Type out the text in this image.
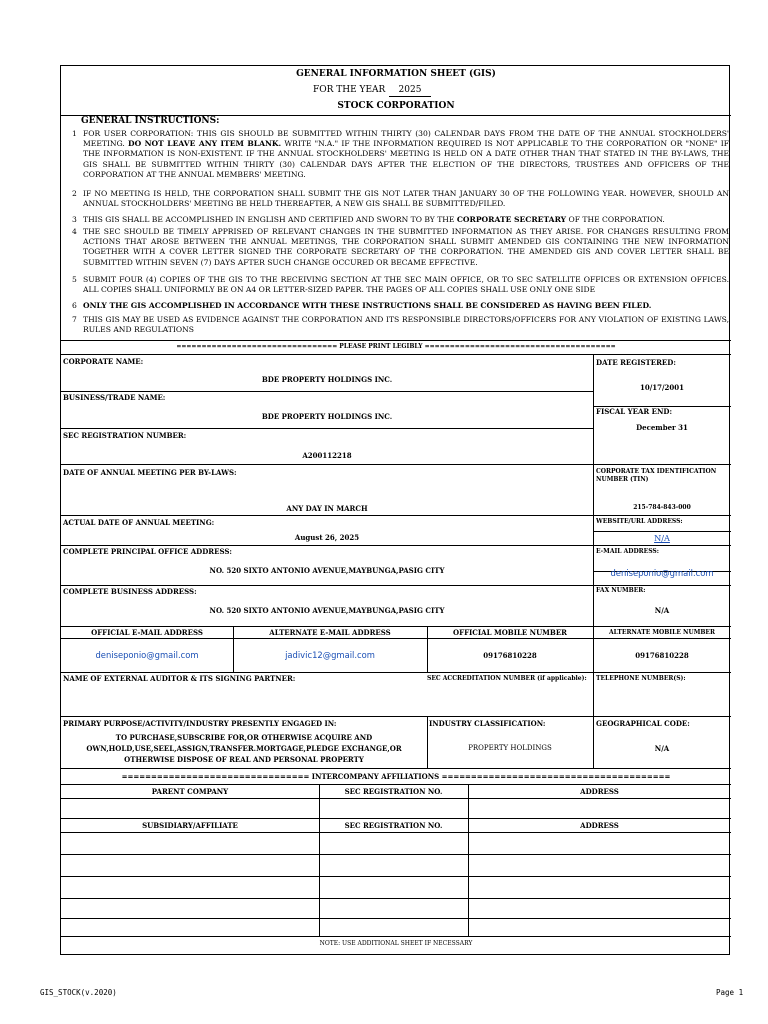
GENERAL INFORMATION SHEET (GIS)
FOR THE YEAR	2025
STOCK CORPORATION
GENERAL INSTRUCTIONS:
1 FOR USER CORPORATION: THIS GIS SHOULD BE SUBMITTED WITHIN THIRTY (30) CALENDAR DAYS FROM THE DATE OF THE ANNUAL STOCKHOLDERS' MEETING. DO NOT LEAVE ANY ITEM BLANK. WRITE "N.A." IF THE INFORMATION REQUIRED IS NOT APPLICABLE TO THE CORPORATION OR "NONE" IF THE INFORMATION IS NON-EXISTENT. IF THE ANNUAL STOCKHOLDERS' MEETING IS HELD ON A DATE OTHER THAN THAT STATED IN THE BY-LAWS, THE GIS SHALL BE SUBMITTED WITHIN THIRTY (30) CALENDAR DAYS AFTER THE ELECTION OF THE DIRECTORS, TRUSTEES AND OFFICERS OF THE CORPORATION AT THE ANNUAL MEMBERS' MEETING.
2 IF NO MEETING IS HELD, THE CORPORATION SHALL SUBMIT THE GIS NOT LATER THAN JANUARY 30 OF THE FOLLOWING YEAR. HOWEVER, SHOULD AN ANNUAL STOCKHOLDERS' MEETING BE HELD THEREAFTER, A NEW GIS SHALL BE SUBMITTED/FILED.
3 THIS GIS SHALL BE ACCOMPLISHED IN ENGLISH AND CERTIFIED AND SWORN TO BY THE CORPORATE SECRETARY OF THE CORPORATION.
4 THE SEC SHOULD BE TIMELY APPRISED OF RELEVANT CHANGES IN THE SUBMITTED INFORMATION AS THEY ARISE. FOR CHANGES RESULTING FROM ACTIONS THAT AROSE BETWEEN THE ANNUAL MEETINGS, THE CORPORATION SHALL SUBMIT AMENDED GIS CONTAINING THE NEW INFORMATION TOGETHER WITH A COVER LETTER SIGNED THE CORPORATE SECRETARY OF THE CORPORATION. THE AMENDED GIS AND COVER LETTER SHALL BE SUBMITTED WITHIN SEVEN (7) DAYS AFTER SUCH CHANGE OCCURED OR BECAME EFFECTIVE.
5 SUBMIT FOUR (4) COPIES OF THE GIS TO THE RECEIVING SECTION AT THE SEC MAIN OFFICE, OR TO SEC SATELLITE OFFICES OR EXTENSION OFFICES. ALL COPIES SHALL UNIFORMLY BE ON A4 OR LETTER-SIZED PAPER. THE PAGES OF ALL COPIES SHALL USE ONLY ONE SIDE
6 ONLY THE GIS ACCOMPLISHED IN ACCORDANCE WITH THESE INSTRUCTIONS SHALL BE CONSIDERED AS HAVING BEEN FILED.
7 THIS GIS MAY BE USED AS EVIDENCE AGAINST THE CORPORATION AND ITS RESPONSIBLE DIRECTORS/OFFICERS FOR ANY VIOLATION OF EXISTING LAWS, RULES AND REGULATIONS
================================ PLEASE PRINT LEGIBLY ======================================
CORPORATE NAME:
BDE PROPERTY HOLDINGS INC.
BUSINESS/TRADE NAME:
BDE PROPERTY HOLDINGS INC.
SEC REGISTRATION NUMBER:
A200112218
DATE OF ANNUAL MEETING PER BY-LAWS:
ANY DAY IN MARCH
ACTUAL DATE OF ANNUAL MEETING:
August 26, 2025
COMPLETE PRINCIPAL OFFICE ADDRESS:
NO. 520 SIXTO ANTONIO AVENUE,MAYBUNGA,PASIG CITY
COMPLETE BUSINESS ADDRESS:
NO. 520 SIXTO ANTONIO AVENUE,MAYBUNGA,PASIG CITY
DATE REGISTERED:
10/17/2001
FISCAL YEAR END:
December 31
CORPORATE TAX IDENTIFICATION NUMBER (TIN)
215-784-843-000
WEBSITE/URL ADDRESS:
N/A
E-MAIL ADDRESS:
deniseponio@gmail.com
FAX NUMBER:
N/A
OFFICIAL E-MAIL ADDRESS	ALTERNATE E-MAIL ADDRESS	OFFICIAL MOBILE NUMBER	ALTERNATE MOBILE NUMBER
deniseponio@gmail.com	jadivic12@gmail.com	09176810228	09176810228
NAME OF EXTERNAL AUDITOR & ITS SIGNING PARTNER:	SEC ACCREDITATION NUMBER (if applicable): TELEPHONE NUMBER(S):
PRIMARY PURPOSE/ACTIVITY/INDUSTRY PRESENTLY ENGAGED IN:
TO PURCHASE,SUBSCRIBE FOR,OR OTHERWISE ACQUIRE AND
OWN,HOLD,USE,SEEL,ASSIGN,TRANSFER.MORTGAGE,PLEDGE EXCHANGE,OR
OTHERWISE DISPOSE OF REAL AND PERSONAL PROPERTY
INDUSTRY CLASSIFICATION:
PROPERTY HOLDINGS
GEOGRAPHICAL CODE:
N/A
================================ INTERCOMPANY AFFILIATIONS =======================================
PARENT COMPANY	SEC REGISTRATION NO.	ADDRESS
SUBSIDIARY/AFFILIATE	SEC REGISTRATION NO.	ADDRESS
NOTE: USE ADDITIONAL SHEET IF NECESSARY
GIS_STOCK(v.2020)	Page 1
